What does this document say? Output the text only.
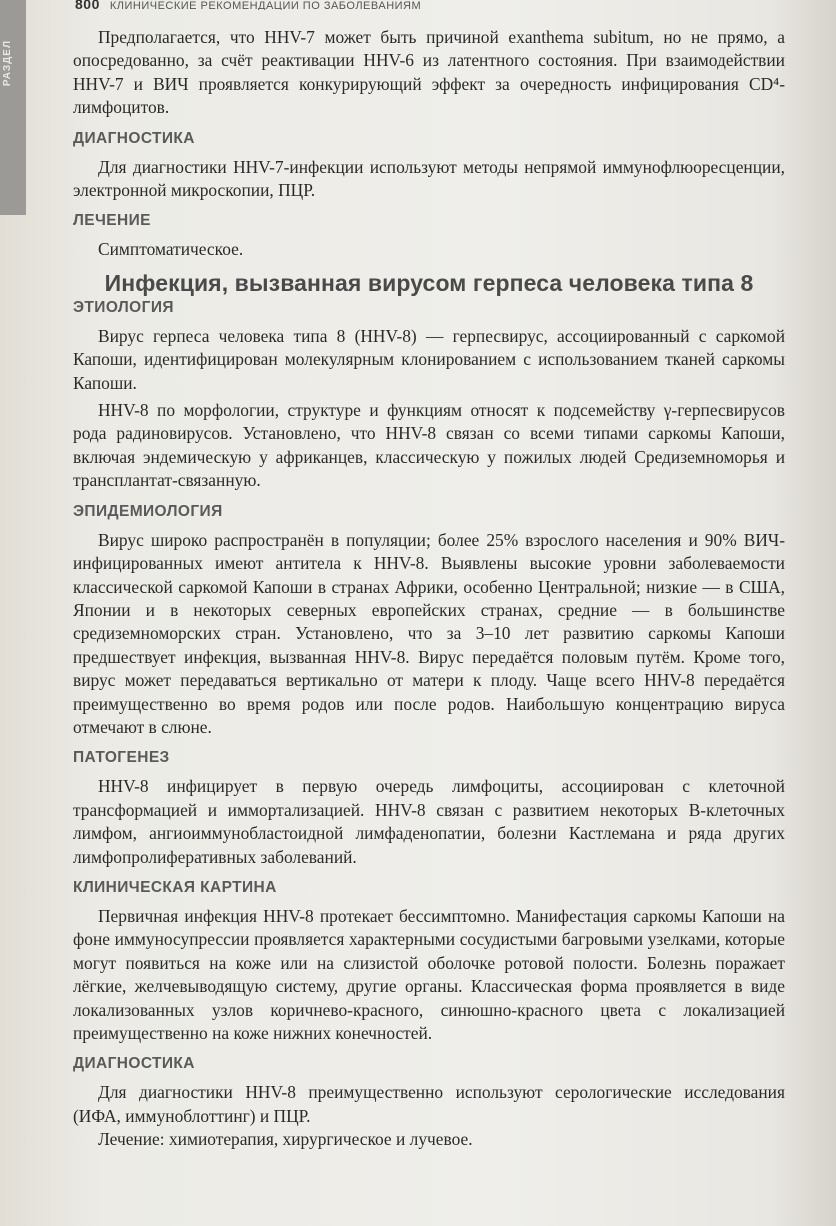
РАЗДЕЛ
800 КЛИНИЧЕСКИЕ РЕКОМЕНДАЦИИ ПО ЗАБОЛЕВАНИЯМ

Предполагается, что HHV-7 может быть причиной exanthema subitum, но не прямо, а опосредованно, за счёт реактивации HHV-6 из латентного состояния. При взаимодействии HHV-7 и ВИЧ проявляется конкурирующий эффект за очередность инфицирования CD⁴-лимфоцитов.

ДИАГНОСТИКА

Для диагностики HHV-7-инфекции используют методы непрямой иммунофлюоресценции, электронной микроскопии, ПЦР.

ЛЕЧЕНИЕ

Симптоматическое.

Инфекция, вызванная вирусом герпеса человека типа 8
ЭТИОЛОГИЯ

Вирус герпеса человека типа 8 (HHV-8) — герпесвирус, ассоциированный с саркомой Капоши, идентифицирован молекулярным клонированием с использованием тканей саркомы Капоши.

HHV-8 по морфологии, структуре и функциям относят к подсемейству γ-герпесвирусов рода радиновирусов. Установлено, что HHV-8 связан со всеми типами саркомы Капоши, включая эндемическую у африканцев, классическую у пожилых людей Средиземноморья и трансплантат-связанную.

ЭПИДЕМИОЛОГИЯ

Вирус широко распространён в популяции; более 25% взрослого населения и 90% ВИЧ-инфицированных имеют антитела к HHV-8. Выявлены высокие уровни заболеваемости классической саркомой Капоши в странах Африки, особенно Центральной; низкие — в США, Японии и в некоторых северных европейских странах, средние — в большинстве средиземноморских стран. Установлено, что за 3–10 лет развитию саркомы Капоши предшествует инфекция, вызванная HHV-8. Вирус передаётся половым путём. Кроме того, вирус может передаваться вертикально от матери к плоду. Чаще всего HHV-8 передаётся преимущественно во время родов или после родов. Наибольшую концентрацию вируса отмечают в слюне.

ПАТОГЕНЕЗ

HHV-8 инфицирует в первую очередь лимфоциты, ассоциирован с клеточной трансформацией и иммортализацией. HHV-8 связан с развитием некоторых B-клеточных лимфом, ангиоиммунобластоидной лимфаденопатии, болезни Кастлемана и ряда других лимфопролиферативных заболеваний.

КЛИНИЧЕСКАЯ КАРТИНА

Первичная инфекция HHV-8 протекает бессимптомно. Манифестация саркомы Капоши на фоне иммуносупрессии проявляется характерными сосудистыми багровыми узелками, которые могут появиться на коже или на слизистой оболочке ротовой полости. Болезнь поражает лёгкие, желчевыводящую систему, другие органы. Классическая форма проявляется в виде локализованных узлов коричнево-красного, синюшно-красного цвета с локализацией преимущественно на коже нижних конечностей.

ДИАГНОСТИКА

Для диагностики HHV-8 преимущественно используют серологические исследования (ИФА, иммуноблоттинг) и ПЦР.

Лечение: химиотерапия, хирургическое и лучевое.
